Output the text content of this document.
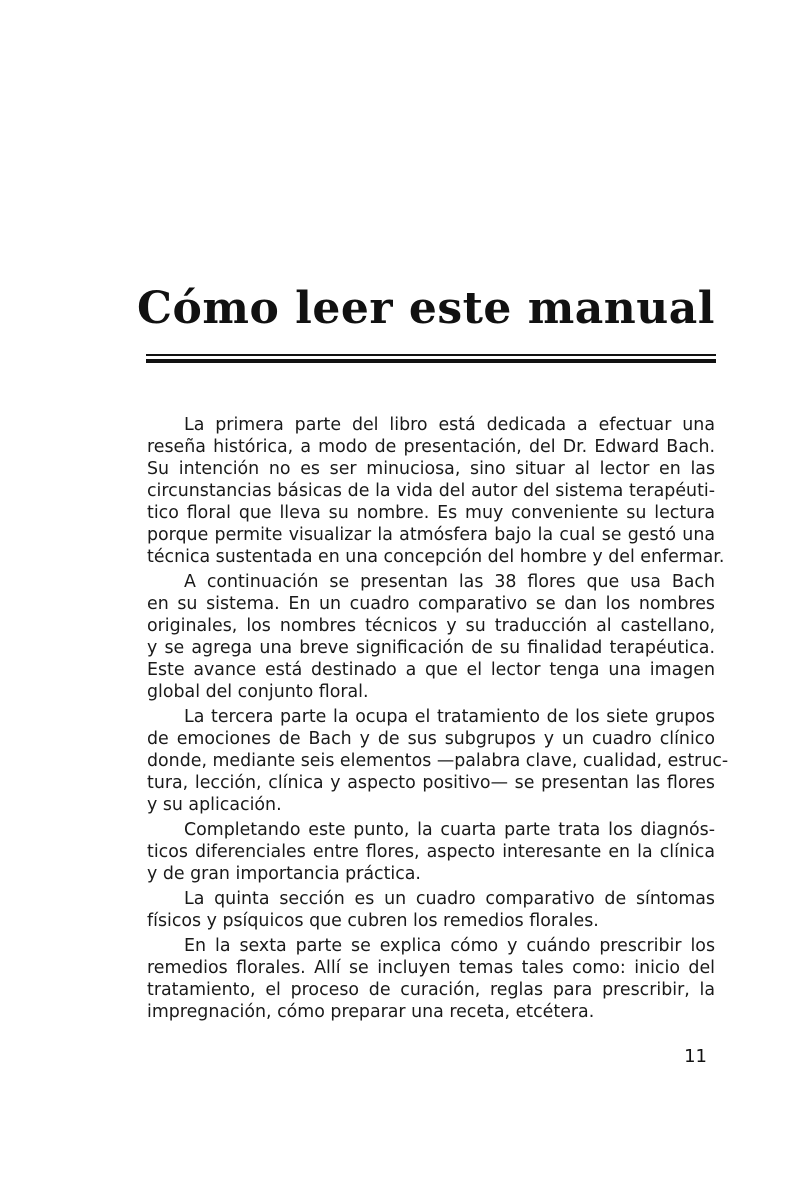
Cómo leer este manual

La primera parte del libro está dedicada a efectuar una
reseña histórica, a modo de presentación, del Dr. Edward Bach.
Su intención no es ser minuciosa, sino situar al lector en las
circunstancias básicas de la vida del autor del sistema terapéuti-
tico floral que lleva su nombre. Es muy conveniente su lectura
porque permite visualizar la atmósfera bajo la cual se gestó una
técnica sustentada en una concepción del hombre y del enfermar.

A continuación se presentan las 38 flores que usa Bach
en su sistema. En un cuadro comparativo se dan los nombres
originales, los nombres técnicos y su traducción al castellano,
y se agrega una breve significación de su finalidad terapéutica.
Este avance está destinado a que el lector tenga una imagen
global del conjunto floral.

La tercera parte la ocupa el tratamiento de los siete grupos
de emociones de Bach y de sus subgrupos y un cuadro clínico
donde, mediante seis elementos —palabra clave, cualidad, estruc-
tura, lección, clínica y aspecto positivo— se presentan las flores
y su aplicación.

Completando este punto, la cuarta parte trata los diagnós-
ticos diferenciales entre flores, aspecto interesante en la clínica
y de gran importancia práctica.

La quinta sección es un cuadro comparativo de síntomas
físicos y psíquicos que cubren los remedios florales.

En la sexta parte se explica cómo y cuándo prescribir los
remedios florales. Allí se incluyen temas tales como: inicio del
tratamiento, el proceso de curación, reglas para prescribir, la
impregnación, cómo preparar una receta, etcétera.

11
